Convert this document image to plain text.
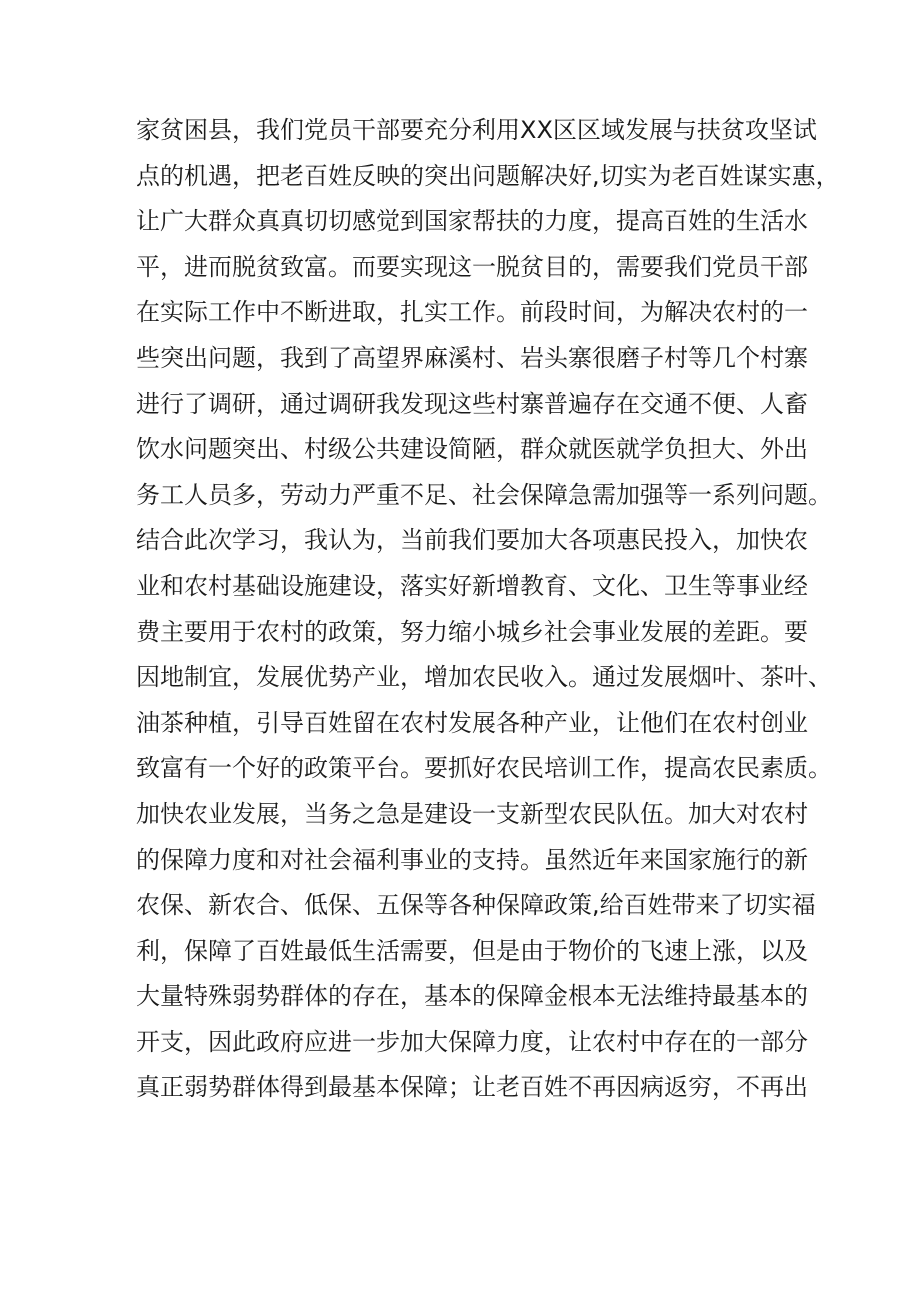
家贫困县，我们党员干部要充分利用XX区区域发展与扶贫攻坚试
点的机遇，把老百姓反映的突出问题解决好,切实为老百姓谋实惠，
让广大群众真真切切感觉到国家帮扶的力度，提高百姓的生活水
平，进而脱贫致富。而要实现这一脱贫目的，需要我们党员干部
在实际工作中不断进取，扎实工作。前段时间，为解决农村的一
些突出问题，我到了高望界麻溪村、岩头寨很磨子村等几个村寨
进行了调研，通过调研我发现这些村寨普遍存在交通不便、人畜
饮水问题突出、村级公共建设简陋，群众就医就学负担大、外出
务工人员多，劳动力严重不足、社会保障急需加强等一系列问题。
结合此次学习，我认为，当前我们要加大各项惠民投入，加快农
业和农村基础设施建设，落实好新增教育、文化、卫生等事业经
费主要用于农村的政策，努力缩小城乡社会事业发展的差距。要
因地制宜，发展优势产业，增加农民收入。通过发展烟叶、茶叶、
油茶种植，引导百姓留在农村发展各种产业，让他们在农村创业
致富有一个好的政策平台。要抓好农民培训工作，提高农民素质。
加快农业发展，当务之急是建设一支新型农民队伍。加大对农村
的保障力度和对社会福利事业的支持。虽然近年来国家施行的新
农保、新农合、低保、五保等各种保障政策,给百姓带来了切实福
利，保障了百姓最低生活需要，但是由于物价的飞速上涨，以及
大量特殊弱势群体的存在，基本的保障金根本无法维持最基本的
开支，因此政府应进一步加大保障力度，让农村中存在的一部分
真正弱势群体得到最基本保障；让老百姓不再因病返穷，不再出
